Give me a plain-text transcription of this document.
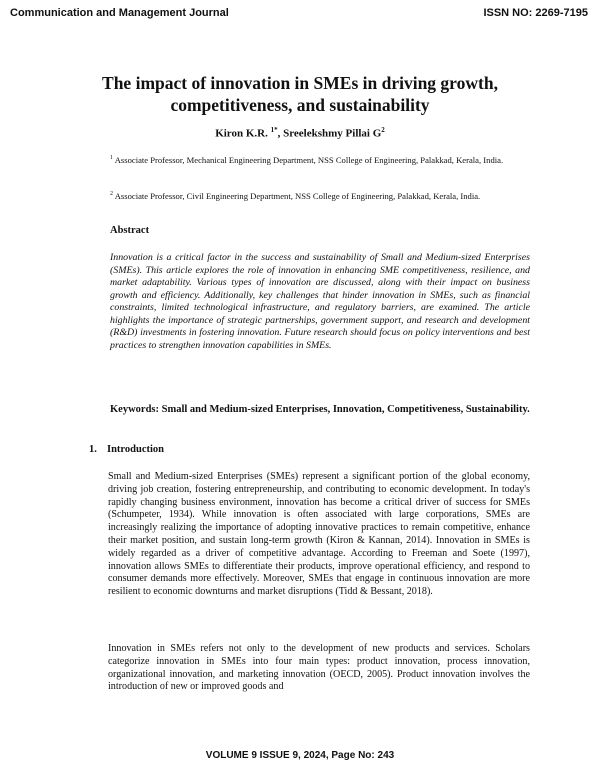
Communication and Management Journal	ISSN NO: 2269-7195
The impact of innovation in SMEs in driving growth, competitiveness, and sustainability
Kiron K.R. $^{1*}$, Sreelekshmy Pillai $G^2$
$^1$ Associate Professor, Mechanical Engineering Department, NSS College of Engineering, Palakkad, Kerala, India.
$^2$ Associate Professor, Civil Engineering Department, NSS College of Engineering, Palakkad, Kerala, India.
Abstract
Innovation is a critical factor in the success and sustainability of Small and Medium-sized Enterprises (SMEs). This article explores the role of innovation in enhancing SME competitiveness, resilience, and market adaptability. Various types of innovation are discussed, along with their impact on business growth and efficiency. Additionally, key challenges that hinder innovation in SMEs, such as financial constraints, limited technological infrastructure, and regulatory barriers, are examined. The article highlights the importance of strategic partnerships, government support, and research and development (R&D) investments in fostering innovation. Future research should focus on policy interventions and best practices to strengthen innovation capabilities in SMEs.
Keywords: Small and Medium-sized Enterprises, Innovation, Competitiveness, Sustainability.
1. Introduction
Small and Medium-sized Enterprises (SMEs) represent a significant portion of the global economy, driving job creation, fostering entrepreneurship, and contributing to economic development. In today's rapidly changing business environment, innovation has become a critical driver of success for SMEs (Schumpeter, 1934). While innovation is often associated with large corporations, SMEs are increasingly realizing the importance of adopting innovative practices to remain competitive, enhance their market position, and sustain long-term growth (Kiron & Kannan, 2014). Innovation in SMEs is widely regarded as a driver of competitive advantage. According to Freeman and Soete (1997), innovation allows SMEs to differentiate their products, improve operational efficiency, and respond to consumer demands more effectively. Moreover, SMEs that engage in continuous innovation are more resilient to economic downturns and market disruptions (Tidd & Bessant, 2018).
Innovation in SMEs refers not only to the development of new products and services. Scholars categorize innovation in SMEs into four main types: product innovation, process innovation, organizational innovation, and marketing innovation (OECD, 2005). Product innovation involves the introduction of new or improved goods and
VOLUME 9 ISSUE 9, 2024, Page No: 243
